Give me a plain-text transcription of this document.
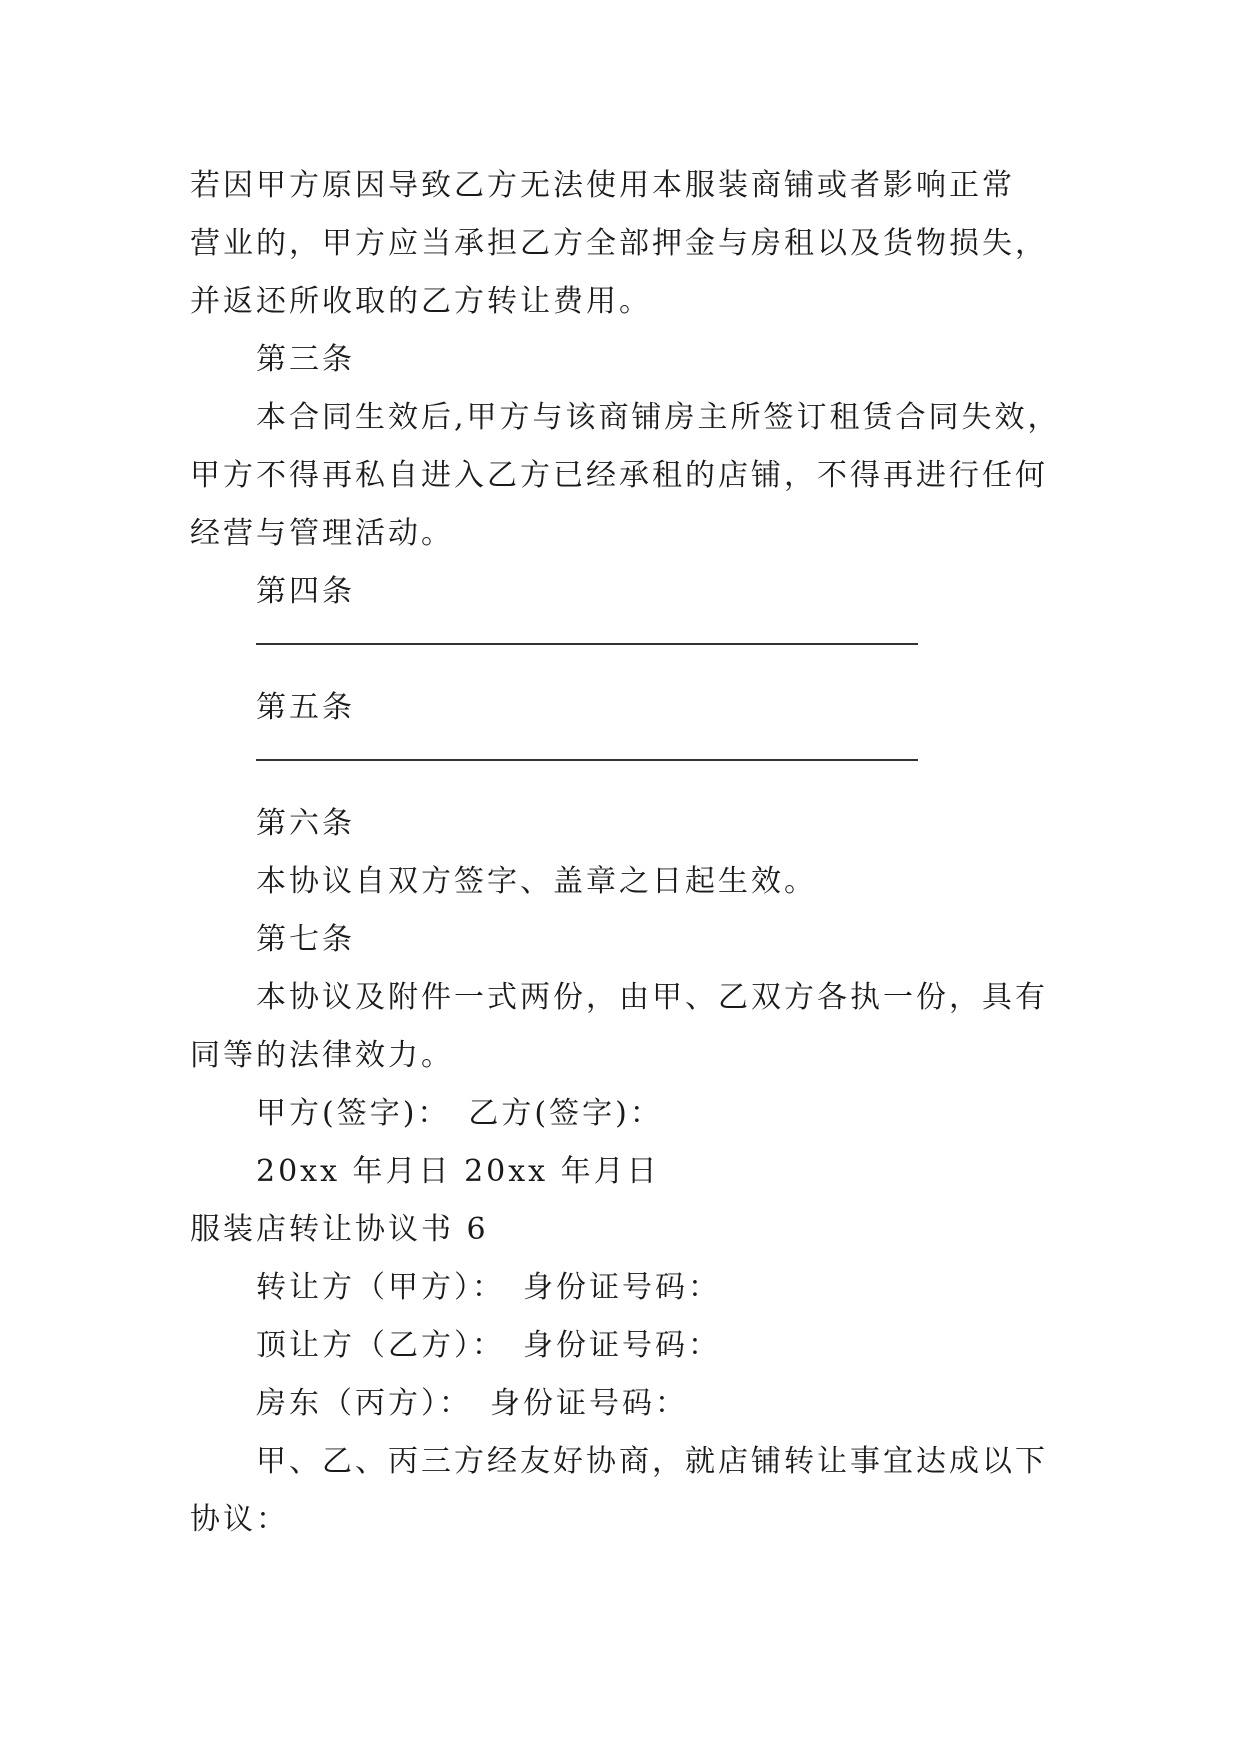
若因甲方原因导致乙方无法使用本服装商铺或者影响正常
营业的，甲方应当承担乙方全部押金与房租以及货物损失，
并返还所收取的乙方转让费用。
第三条
本合同生效后,甲方与该商铺房主所签订租赁合同失效，
甲方不得再私自进入乙方已经承租的店铺，不得再进行任何
经营与管理活动。
第四条
第五条
第六条
本协议自双方签字、盖章之日起生效。
第七条
本协议及附件一式两份，由甲、乙双方各执一份，具有
同等的法律效力。
甲方(签字)：　乙方(签字)：
20xx 年月日 20xx 年月日
服装店转让协议书 6
转让方（甲方）：　身份证号码：
顶让方（乙方）：　身份证号码：
房东（丙方）：　身份证号码：
甲、乙、丙三方经友好协商，就店铺转让事宜达成以下
协议：
